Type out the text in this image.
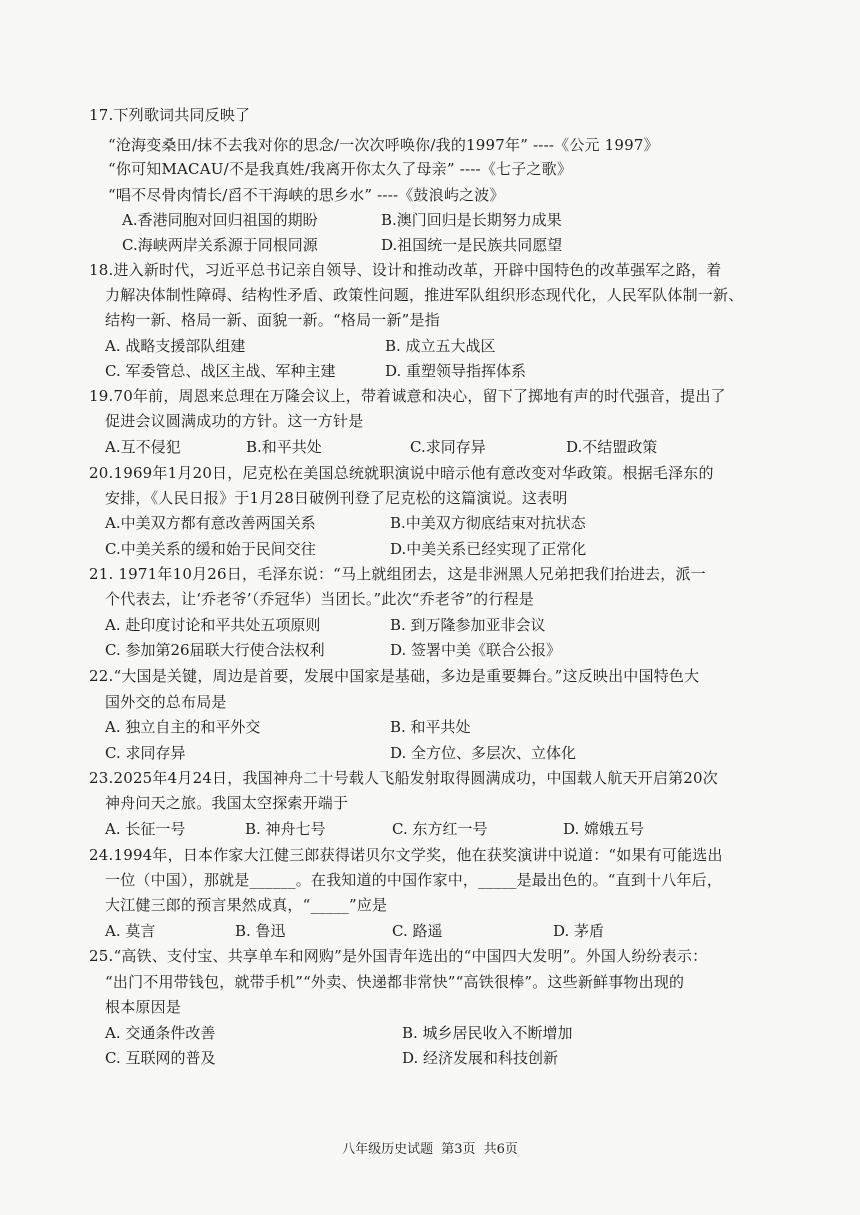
17.下列歌词共同反映了
“沧海变桑田/抹不去我对你的思念/一次次呼唤你/我的1997年” ----《公元 1997》
“你可知MACAU/不是我真姓/我离开你太久了母亲” ----《七子之歌》
“唱不尽骨肉情长/舀不干海峡的思乡水” ----《鼓浪屿之波》
A.香港同胞对回归祖国的期盼	B.澳门回归是长期努力成果
C.海峡两岸关系源于同根同源	D.祖国统一是民族共同愿望
18.进入新时代，习近平总书记亲自领导、设计和推动改革，开辟中国特色的改革强军之路，着
力解决体制性障碍、结构性矛盾、政策性问题，推进军队组织形态现代化，人民军队体制一新、
结构一新、格局一新、面貌一新。“格局一新”是指
A. 战略支援部队组建	B. 成立五大战区
C. 军委管总、战区主战、军种主建	D. 重塑领导指挥体系
19.70年前，周恩来总理在万隆会议上，带着诚意和决心，留下了掷地有声的时代强音，提出了
促进会议圆满成功的方针。这一方针是
A.互不侵犯	B.和平共处	C.求同存异	D.不结盟政策
20.1969年1月20日，尼克松在美国总统就职演说中暗示他有意改变对华政策。根据毛泽东的
安排，《人民日报》于1月28日破例刊登了尼克松的这篇演说。这表明
A.中美双方都有意改善两国关系	B.中美双方彻底结束对抗状态
C.中美关系的缓和始于民间交往	D.中美关系已经实现了正常化
21. 1971年10月26日，毛泽东说：“马上就组团去，这是非洲黑人兄弟把我们抬进去，派一
个代表去，让‘乔老爷’（乔冠华）当团长。”此次“乔老爷”的行程是
A. 赴印度讨论和平共处五项原则	B. 到万隆参加亚非会议
C. 参加第26届联大行使合法权利	D. 签署中美《联合公报》
22.“大国是关键，周边是首要，发展中国家是基础，多边是重要舞台。”这反映出中国特色大
国外交的总布局是
A. 独立自主的和平外交	B. 和平共处
C. 求同存异	D. 全方位、多层次、立体化
23.2025年4月24日，我国神舟二十号载人飞船发射取得圆满成功，中国载人航天开启第20次
神舟问天之旅。我国太空探索开端于
A. 长征一号	B. 神舟七号	C. 东方红一号	D. 嫦娥五号
24.1994年，日本作家大江健三郎获得诺贝尔文学奖，他在获奖演讲中说道：“如果有可能选出
一位（中国），那就是______。在我知道的中国作家中，_____是最出色的。“直到十八年后，
大江健三郎的预言果然成真，“_____”应是
A. 莫言	B. 鲁迅	C. 路遥	D. 茅盾
25.“高铁、支付宝、共享单车和网购”是外国青年选出的“中国四大发明”。外国人纷纷表示：
“出门不用带钱包，就带手机”“外卖、快递都非常快”“高铁很棒”。这些新鲜事物出现的
根本原因是
A. 交通条件改善	B. 城乡居民收入不断增加
C. 互联网的普及	D. 经济发展和科技创新
八年级历史试题 第3页 共6页
